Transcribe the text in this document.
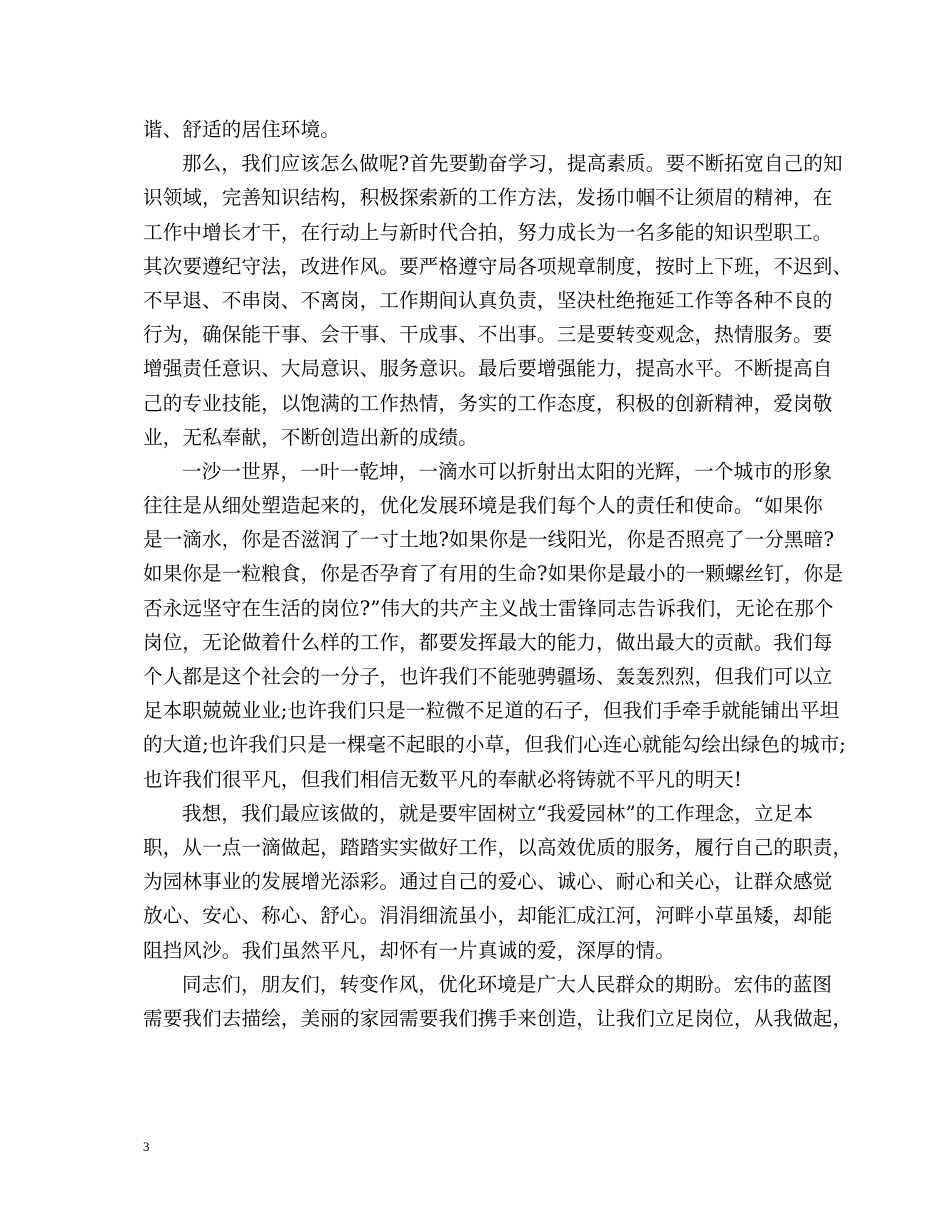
谐、舒适的居住环境。
那么，我们应该怎么做呢?首先要勤奋学习，提高素质。要不断拓宽自己的知
识领域，完善知识结构，积极探索新的工作方法，发扬巾帼不让须眉的精神，在
工作中增长才干，在行动上与新时代合拍，努力成长为一名多能的知识型职工。
其次要遵纪守法，改进作风。要严格遵守局各项规章制度，按时上下班，不迟到、
不早退、不串岗、不离岗，工作期间认真负责，坚决杜绝拖延工作等各种不良的
行为，确保能干事、会干事、干成事、不出事。三是要转变观念，热情服务。要
增强责任意识、大局意识、服务意识。最后要增强能力，提高水平。不断提高自
己的专业技能，以饱满的工作热情，务实的工作态度，积极的创新精神，爱岗敬
业，无私奉献，不断创造出新的成绩。
一沙一世界，一叶一乾坤，一滴水可以折射出太阳的光辉，一个城市的形象
往往是从细处塑造起来的，优化发展环境是我们每个人的责任和使命。“如果你
是一滴水，你是否滋润了一寸土地?如果你是一线阳光，你是否照亮了一分黑暗?
如果你是一粒粮食，你是否孕育了有用的生命?如果你是最小的一颗螺丝钉，你是
否永远坚守在生活的岗位?”伟大的共产主义战士雷锋同志告诉我们，无论在那个
岗位，无论做着什么样的工作，都要发挥最大的能力，做出最大的贡献。我们每
个人都是这个社会的一分子，也许我们不能驰骋疆场、轰轰烈烈，但我们可以立
足本职兢兢业业;也许我们只是一粒微不足道的石子，但我们手牵手就能铺出平坦
的大道;也许我们只是一棵毫不起眼的小草，但我们心连心就能勾绘出绿色的城市;
也许我们很平凡，但我们相信无数平凡的奉献必将铸就不平凡的明天!
我想，我们最应该做的，就是要牢固树立“我爱园林”的工作理念，立足本
职，从一点一滴做起，踏踏实实做好工作，以高效优质的服务，履行自己的职责，
为园林事业的发展增光添彩。通过自己的爱心、诚心、耐心和关心，让群众感觉
放心、安心、称心、舒心。涓涓细流虽小，却能汇成江河，河畔小草虽矮，却能
阻挡风沙。我们虽然平凡，却怀有一片真诚的爱，深厚的情。
同志们，朋友们，转变作风，优化环境是广大人民群众的期盼。宏伟的蓝图
需要我们去描绘，美丽的家园需要我们携手来创造，让我们立足岗位，从我做起，
3
